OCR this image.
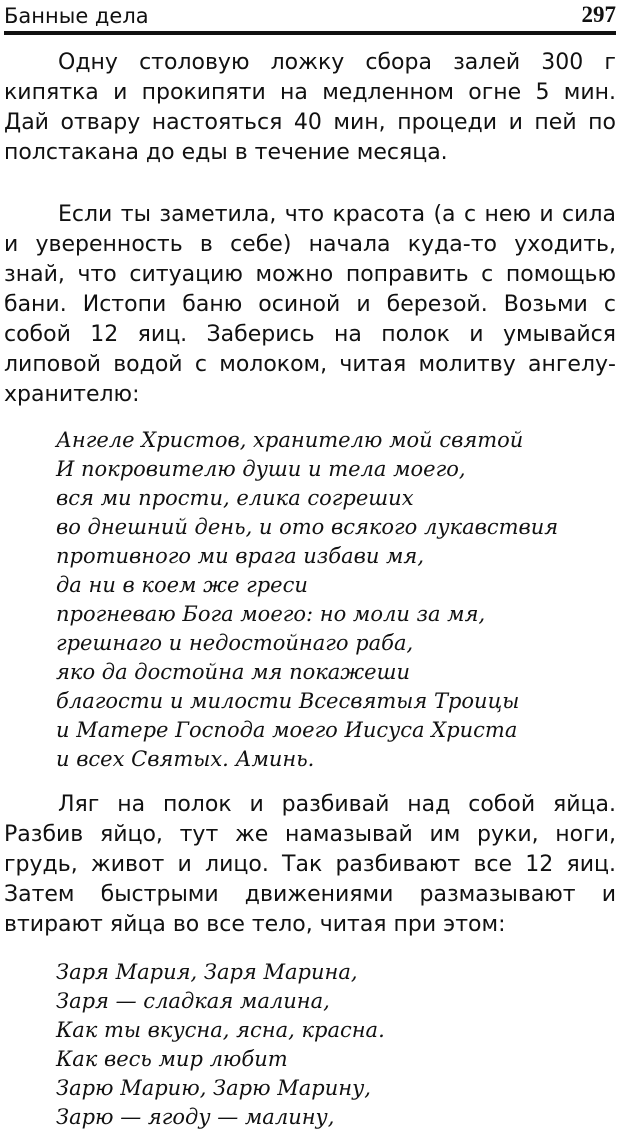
Банные дела	297

Одну столовую ложку сбора залей 300 г кипятка и прокипяти на медленном огне 5 мин. Дай отвару настояться 40 мин, процеди и пей по полстакана до еды в течение месяца.

Если ты заметила, что красота (а с нею и сила и уверенность в себе) начала куда-то уходить, знай, что ситуацию можно поправить с помощью бани. Истопи баню осиной и березой. Возьми с собой 12 яиц. Заберись на полок и умывайся липовой водой с молоком, читая молитву ангелу-хранителю:

Ангеле Христов, хранителю мой святой
И покровителю души и тела моего,
вся ми прости, елика согреших
во днешний день, и ото всякого лукавствия
противного ми врага избави мя,
да ни в коем же греси
прогневаю Бога моего: но моли за мя,
грешнаго и недостойнаго раба,
яко да достойна мя покажеши
благости и милости Всесвятыя Троицы
и Матере Господа моего Иисуса Христа
и всех Святых. Аминь.

Ляг на полок и разбивай над собой яйца. Разбив яйцо, тут же намазывай им руки, ноги, грудь, живот и лицо. Так разбивают все 12 яиц. Затем быстрыми движениями размазывают и втирают яйца во все тело, читая при этом:

Заря Мария, Заря Марина,
Заря — сладкая малина,
Как ты вкусна, ясна, красна.
Как весь мир любит
Зарю Марию, Зарю Марину,
Зарю — ягоду — малину,
